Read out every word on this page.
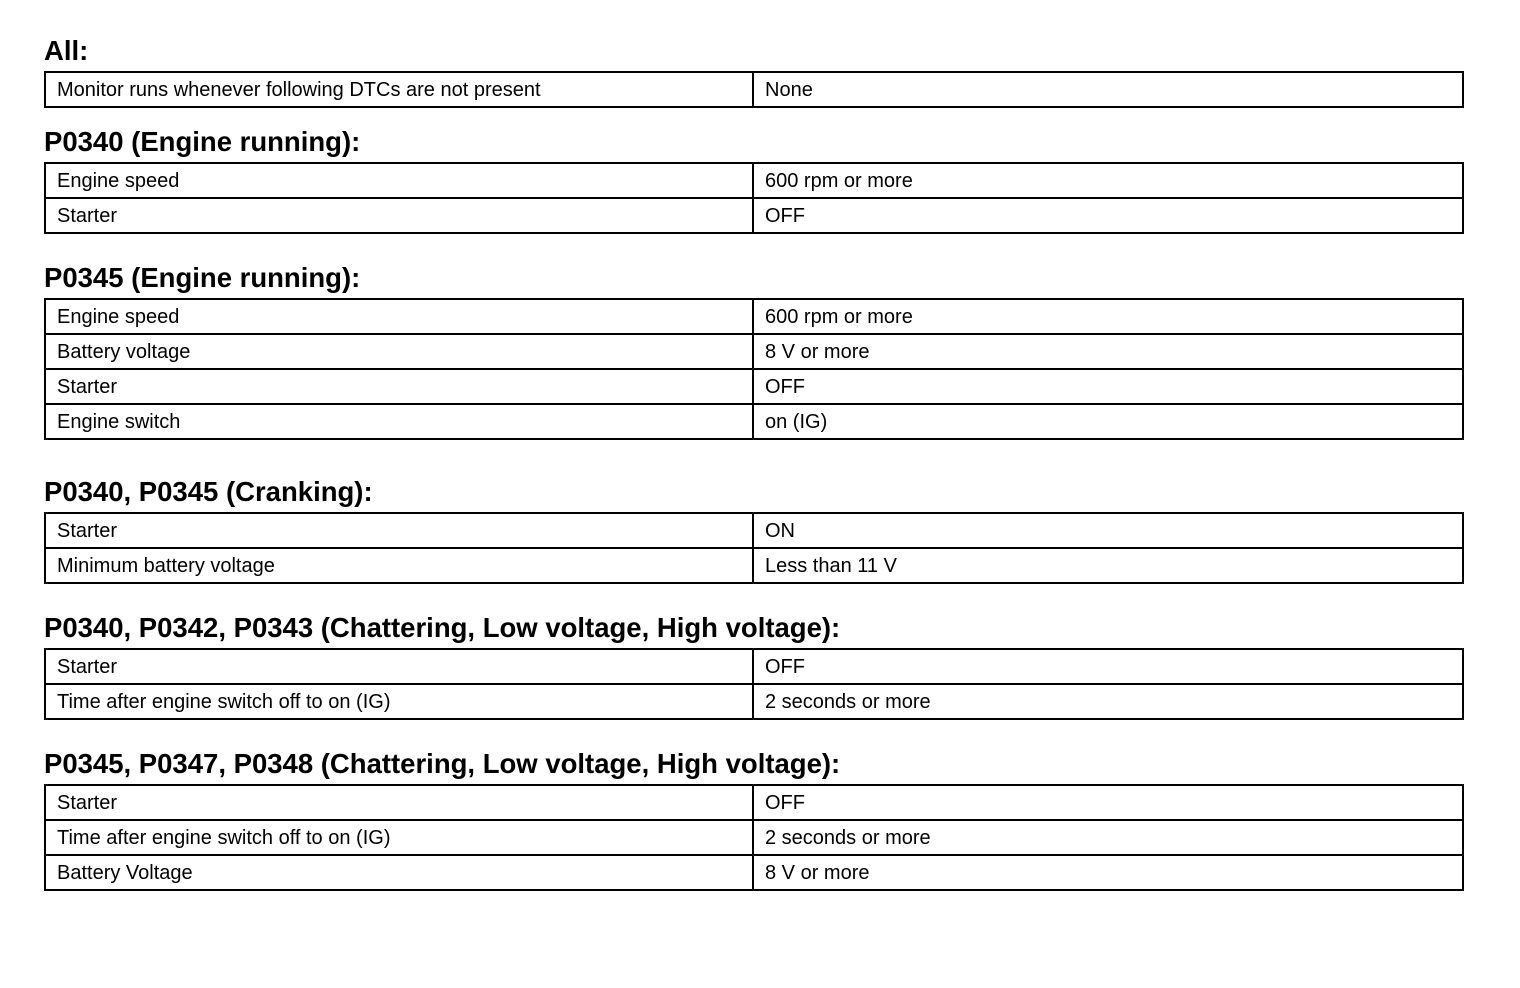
All:
Monitor runs whenever following DTCs are not present	None
P0340 (Engine running):
Engine speed	600 rpm or more
Starter	OFF
P0345 (Engine running):
Engine speed	600 rpm or more
Battery voltage	8 V or more
Starter	OFF
Engine switch	on (IG)
P0340, P0345 (Cranking):
Starter	ON
Minimum battery voltage	Less than 11 V
P0340, P0342, P0343 (Chattering, Low voltage, High voltage):
Starter	OFF
Time after engine switch off to on (IG)	2 seconds or more
P0345, P0347, P0348 (Chattering, Low voltage, High voltage):
Starter	OFF
Time after engine switch off to on (IG)	2 seconds or more
Battery Voltage	8 V or more
